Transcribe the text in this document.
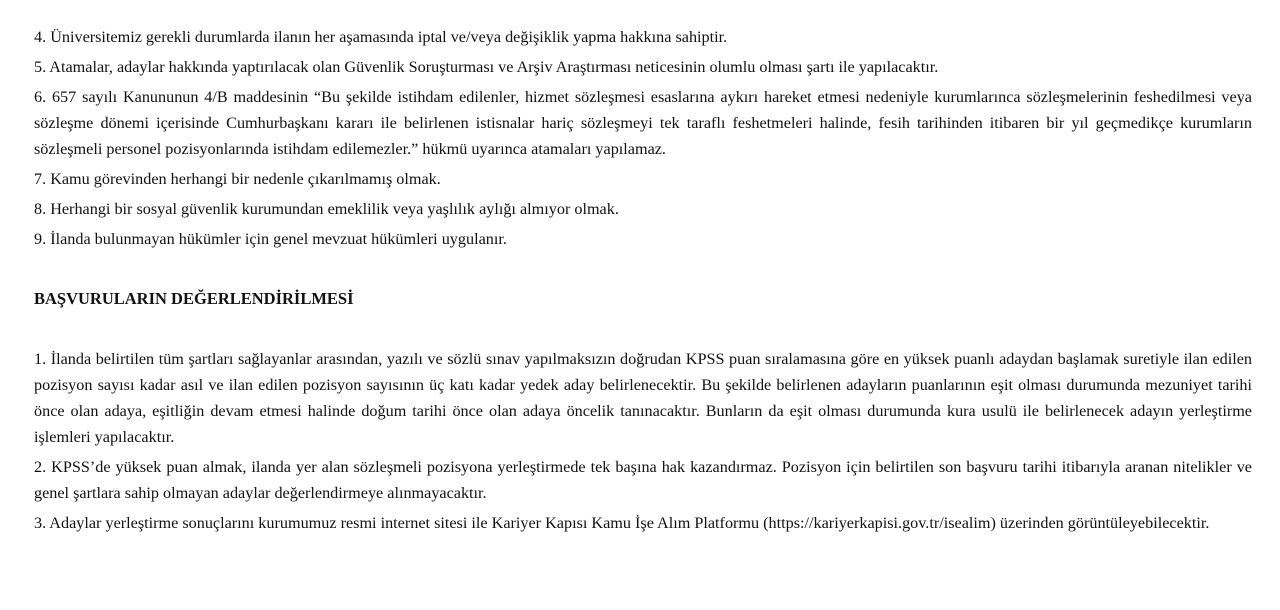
4. Üniversitemiz gerekli durumlarda ilanın her aşamasında iptal ve/veya değişiklik yapma hakkına sahiptir.

5. Atamalar, adaylar hakkında yaptırılacak olan Güvenlik Soruşturması ve Arşiv Araştırması neticesinin olumlu olması şartı ile yapılacaktır.

6. 657 sayılı Kanununun 4/B maddesinin “Bu şekilde istihdam edilenler, hizmet sözleşmesi esaslarına aykırı hareket etmesi nedeniyle kurumlarınca sözleşmelerinin feshedilmesi veya sözleşme dönemi içerisinde Cumhurbaşkanı kararı ile belirlenen istisnalar hariç sözleşmeyi tek taraflı feshetmeleri halinde, fesih tarihinden itibaren bir yıl geçmedikçe kurumların sözleşmeli personel pozisyonlarında istihdam edilemezler.” hükmü uyarınca atamaları yapılamaz.

7. Kamu görevinden herhangi bir nedenle çıkarılmamış olmak.

8. Herhangi bir sosyal güvenlik kurumundan emeklilik veya yaşlılık aylığı almıyor olmak.

9. İlanda bulunmayan hükümler için genel mevzuat hükümleri uygulanır.

BAŞVURULARIN DEĞERLENDİRİLMESİ

1. İlanda belirtilen tüm şartları sağlayanlar arasından, yazılı ve sözlü sınav yapılmaksızın doğrudan KPSS puan sıralamasına göre en yüksek puanlı adaydan başlamak suretiyle ilan edilen pozisyon sayısı kadar asıl ve ilan edilen pozisyon sayısının üç katı kadar yedek aday belirlenecektir. Bu şekilde belirlenen adayların puanlarının eşit olması durumunda mezuniyet tarihi önce olan adaya, eşitliğin devam etmesi halinde doğum tarihi önce olan adaya öncelik tanınacaktır. Bunların da eşit olması durumunda kura usulü ile belirlenecek adayın yerleştirme işlemleri yapılacaktır.

2. KPSS’de yüksek puan almak, ilanda yer alan sözleşmeli pozisyona yerleştirmede tek başına hak kazandırmaz. Pozisyon için belirtilen son başvuru tarihi itibarıyla aranan nitelikler ve genel şartlara sahip olmayan adaylar değerlendirmeye alınmayacaktır.

3. Adaylar yerleştirme sonuçlarını kurumumuz resmi internet sitesi ile Kariyer Kapısı Kamu İşe Alım Platformu (https://kariyerkapisi.gov.tr/isealim) üzerinden görüntüleyebilecektir.
